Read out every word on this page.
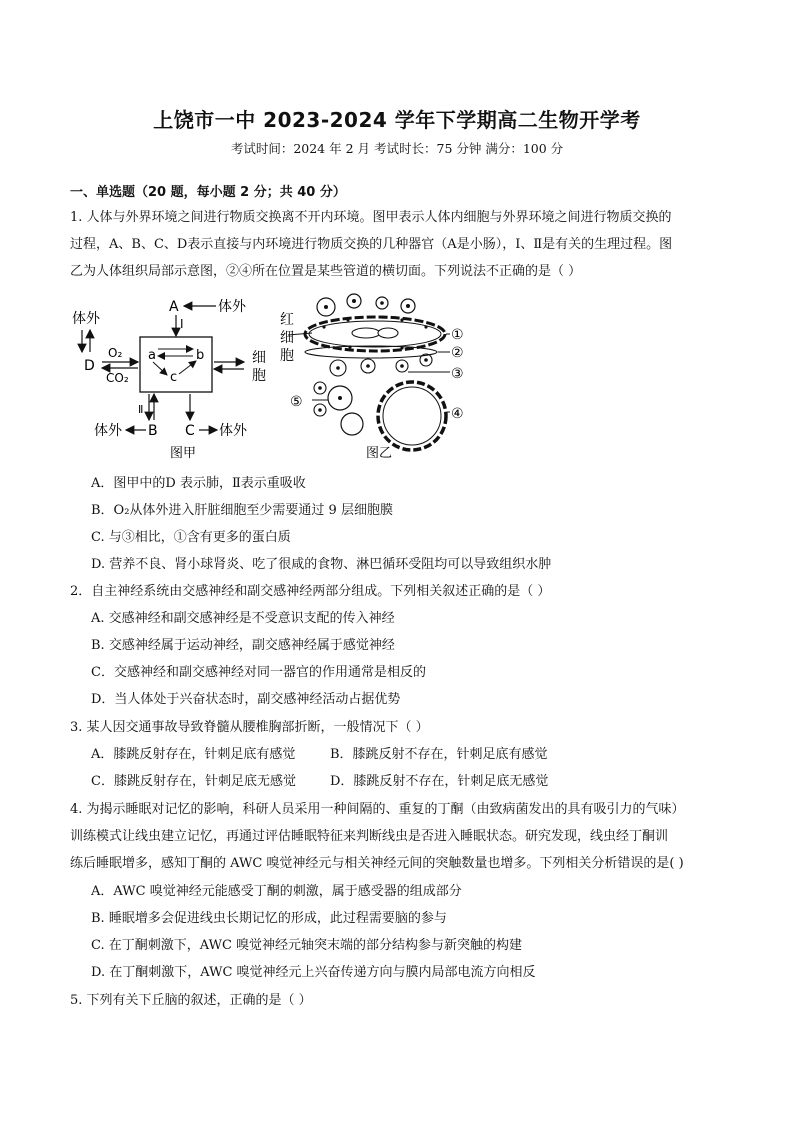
上饶市一中 2023-2024 学年下学期高二生物开学考
考试时间：2024 年 2 月 考试时长：75 分钟 满分：100 分
一、单选题（20 题，每小题 2 分；共 40 分）
1. 人体与外界环境之间进行物质交换离不开内环境。图甲表示人体内细胞与外界环境之间进行物质交换的
过程，A、B、C、D表示直接与内环境进行物质交换的几种器官（A是小肠），I、Ⅱ是有关的生理过程。图
乙为人体组织局部示意图，②④所在位置是某些管道的横切面。下列说法不正确的是（ ）
A	体外
I
体外
D
O₂
CO₂
a	b
c
细
胞
Ⅱ
B
体外	C 体外
图甲
红
细
胞
①
②
③
⑤
④
图乙
A．图甲中的D 表示肺，Ⅱ表示重吸收
B．O₂从体外进入肝脏细胞至少需要通过 9 层细胞膜
C. 与③相比，①含有更多的蛋白质
D. 营养不良、肾小球肾炎、吃了很咸的食物、淋巴循环受阻均可以导致组织水肿
2．自主神经系统由交感神经和副交感神经两部分组成。下列相关叙述正确的是（ ）
A. 交感神经和副交感神经是不受意识支配的传入神经
B. 交感神经属于运动神经，副交感神经属于感觉神经
C．交感神经和副交感神经对同一器官的作用通常是相反的
D．当人体处于兴奋状态时，副交感神经活动占据优势
3. 某人因交通事故导致脊髓从腰椎胸部折断，一般情况下（ ）
A．膝跳反射存在，针刺足底有感觉	B．膝跳反射不存在，针刺足底有感觉
C．膝跳反射存在，针刺足底无感觉	D．膝跳反射不存在，针刺足底无感觉
4. 为揭示睡眠对记忆的影响，科研人员采用一种间隔的、重复的丁酮（由致病菌发出的具有吸引力的气味）
训练模式让线虫建立记忆，再通过评估睡眠特征来判断线虫是否进入睡眠状态。研究发现，线虫经丁酮训
练后睡眠增多，感知丁酮的 AWC 嗅觉神经元与相关神经元间的突触数量也增多。下列相关分析错误的是( )
A．AWC 嗅觉神经元能感受丁酮的刺激，属于感受器的组成部分
B. 睡眠增多会促进线虫长期记忆的形成，此过程需要脑的参与
C. 在丁酮刺激下，AWC 嗅觉神经元轴突末端的部分结构参与新突触的构建
D. 在丁酮刺激下，AWC 嗅觉神经元上兴奋传递方向与膜内局部电流方向相反
5. 下列有关下丘脑的叙述，正确的是（ ）
